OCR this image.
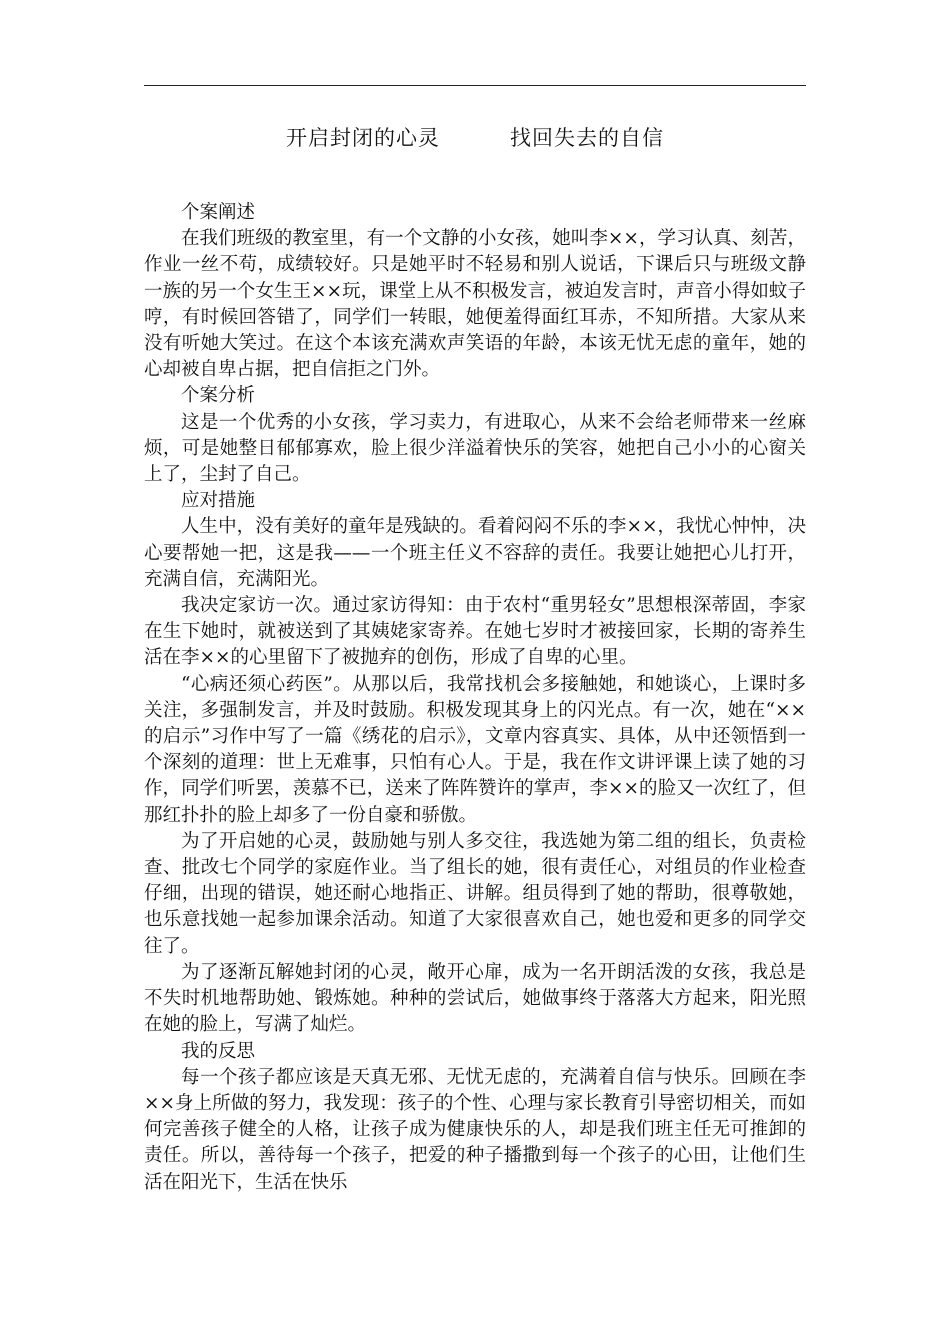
开启封闭的心灵	找回失去的自信
个案阐述

在我们班级的教室里，有一个文静的小女孩，她叫李××，学习认真、刻苦，作业一丝不苟，成绩较好。只是她平时不轻易和别人说话，下课后只与班级文静一族的另一个女生王××玩，课堂上从不积极发言，被迫发言时，声音小得如蚊子哼，有时候回答错了，同学们一转眼，她便羞得面红耳赤，不知所措。大家从来没有听她大笑过。在这个本该充满欢声笑语的年龄，本该无忧无虑的童年，她的心却被自卑占据，把自信拒之门外。

个案分析

这是一个优秀的小女孩，学习卖力，有进取心，从来不会给老师带来一丝麻烦，可是她整日郁郁寡欢，脸上很少洋溢着快乐的笑容，她把自己小小的心窗关上了，尘封了自己。

应对措施

人生中，没有美好的童年是残缺的。看着闷闷不乐的李××，我忧心忡忡，决心要帮她一把，这是我——一个班主任义不容辞的责任。我要让她把心儿打开，充满自信，充满阳光。

我决定家访一次。通过家访得知：由于农村“重男轻女”思想根深蒂固，李家在生下她时，就被送到了其姨姥家寄养。在她七岁时才被接回家，长期的寄养生活在李××的心里留下了被抛弃的创伤，形成了自卑的心里。

“心病还须心药医”。从那以后，我常找机会多接触她，和她谈心，上课时多关注，多强制发言，并及时鼓励。积极发现其身上的闪光点。有一次，她在“××的启示”习作中写了一篇《绣花的启示》，文章内容真实、具体，从中还领悟到一个深刻的道理：世上无难事，只怕有心人。于是，我在作文讲评课上读了她的习作，同学们听罢，羡慕不已，送来了阵阵赞许的掌声，李××的脸又一次红了，但那红扑扑的脸上却多了一份自豪和骄傲。

为了开启她的心灵，鼓励她与别人多交往，我选她为第二组的组长，负责检查、批改七个同学的家庭作业。当了组长的她，很有责任心，对组员的作业检查仔细，出现的错误，她还耐心地指正、讲解。组员得到了她的帮助，很尊敬她，也乐意找她一起参加课余活动。知道了大家很喜欢自己，她也爱和更多的同学交往了。

为了逐渐瓦解她封闭的心灵，敞开心扉，成为一名开朗活泼的女孩，我总是不失时机地帮助她、锻炼她。种种的尝试后，她做事终于落落大方起来，阳光照在她的脸上，写满了灿烂。

我的反思

每一个孩子都应该是天真无邪、无忧无虑的，充满着自信与快乐。回顾在李××身上所做的努力，我发现：孩子的个性、心理与家长教育引导密切相关，而如何完善孩子健全的人格，让孩子成为健康快乐的人，却是我们班主任无可推卸的责任。所以，善待每一个孩子，把爱的种子播撒到每一个孩子的心田，让他们生活在阳光下，生活在快乐
